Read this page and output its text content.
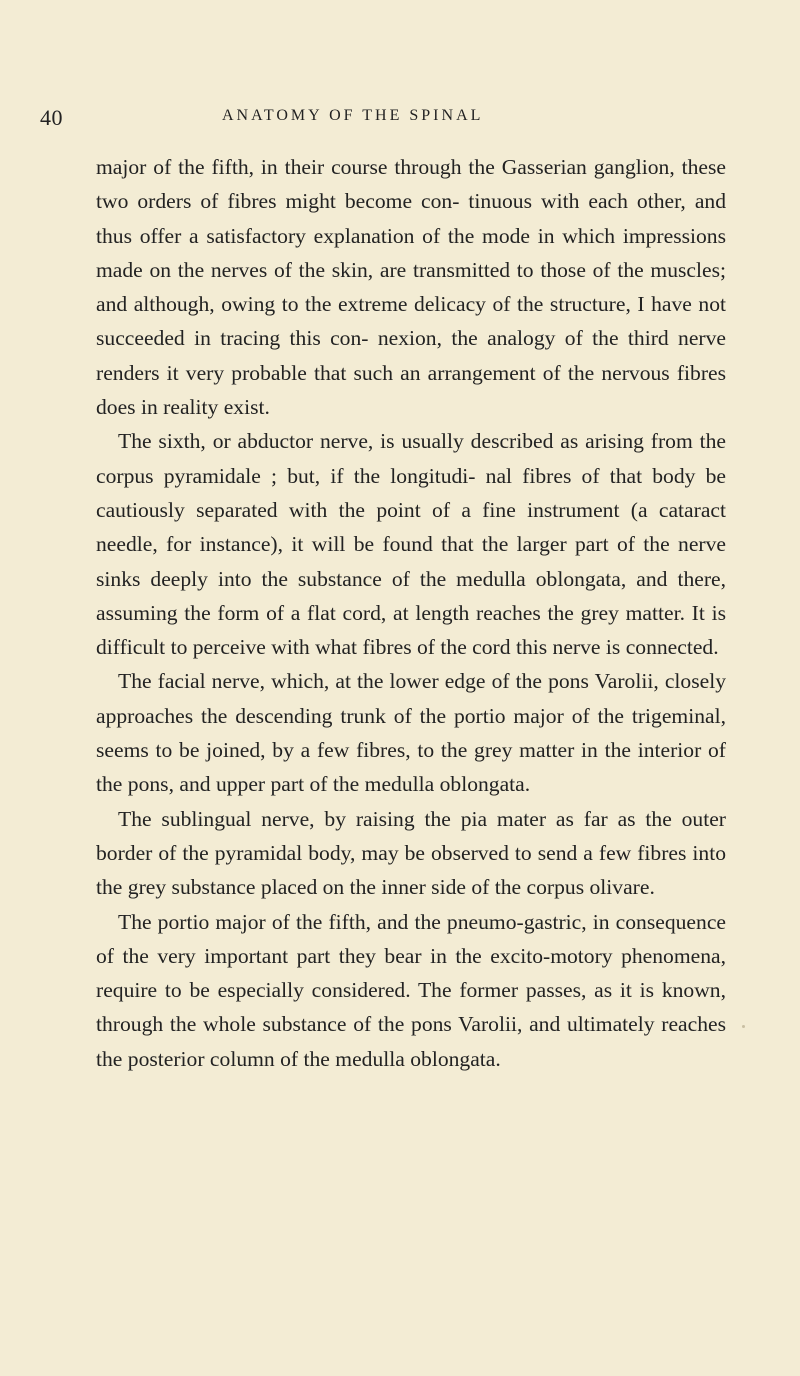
40	ANATOMY OF THE SPINAL

major of the fifth, in their course through the Gasserian ganglion, these two orders of fibres might become con- tinuous with each other, and thus offer a satisfactory explanation of the mode in which impressions made on the nerves of the skin, are transmitted to those of the muscles; and although, owing to the extreme delicacy of the structure, I have not succeeded in tracing this con- nexion, the analogy of the third nerve renders it very probable that such an arrangement of the nervous fibres does in reality exist.

The sixth, or abductor nerve, is usually described as arising from the corpus pyramidale ; but, if the longitudi- nal fibres of that body be cautiously separated with the point of a fine instrument (a cataract needle, for instance), it will be found that the larger part of the nerve sinks deeply into the substance of the medulla oblongata, and there, assuming the form of a flat cord, at length reaches the grey matter. It is difficult to perceive with what fibres of the cord this nerve is connected.

The facial nerve, which, at the lower edge of the pons Varolii, closely approaches the descending trunk of the portio major of the trigeminal, seems to be joined, by a few fibres, to the grey matter in the interior of the pons, and upper part of the medulla oblongata.

The sublingual nerve, by raising the pia mater as far as the outer border of the pyramidal body, may be observed to send a few fibres into the grey substance placed on the inner side of the corpus olivare.

The portio major of the fifth, and the pneumo-gastric, in consequence of the very important part they bear in the excito-motory phenomena, require to be especially considered. The former passes, as it is known, through the whole substance of the pons Varolii, and ultimately reaches the posterior column of the medulla oblongata.
